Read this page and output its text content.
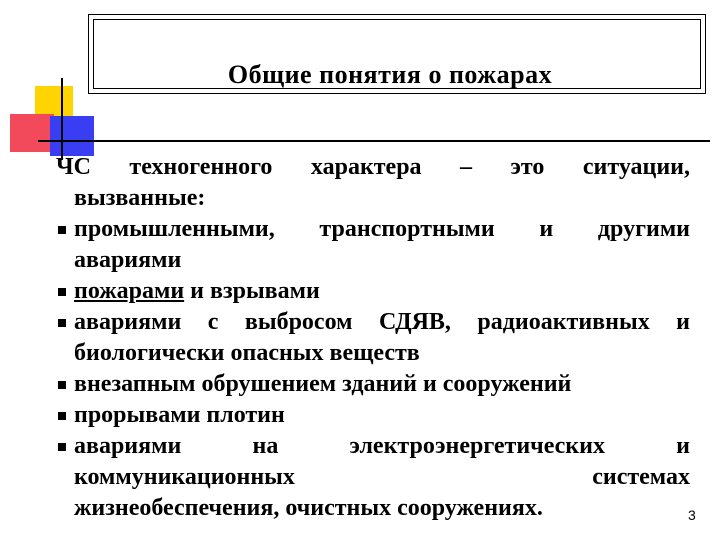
Общие понятия о пожарах
ЧС техногенного характера – это ситуации,
вызванные:
промышленными, транспортными и другими
авариями
пожарами и взрывами
авариями с выбросом СДЯВ, радиоактивных и
биологически опасных веществ
внезапным обрушением зданий и сооружений
прорывами плотин
авариями на электроэнергетических и
коммуникационных системах
жизнеобеспечения, очистных сооружениях.	3
